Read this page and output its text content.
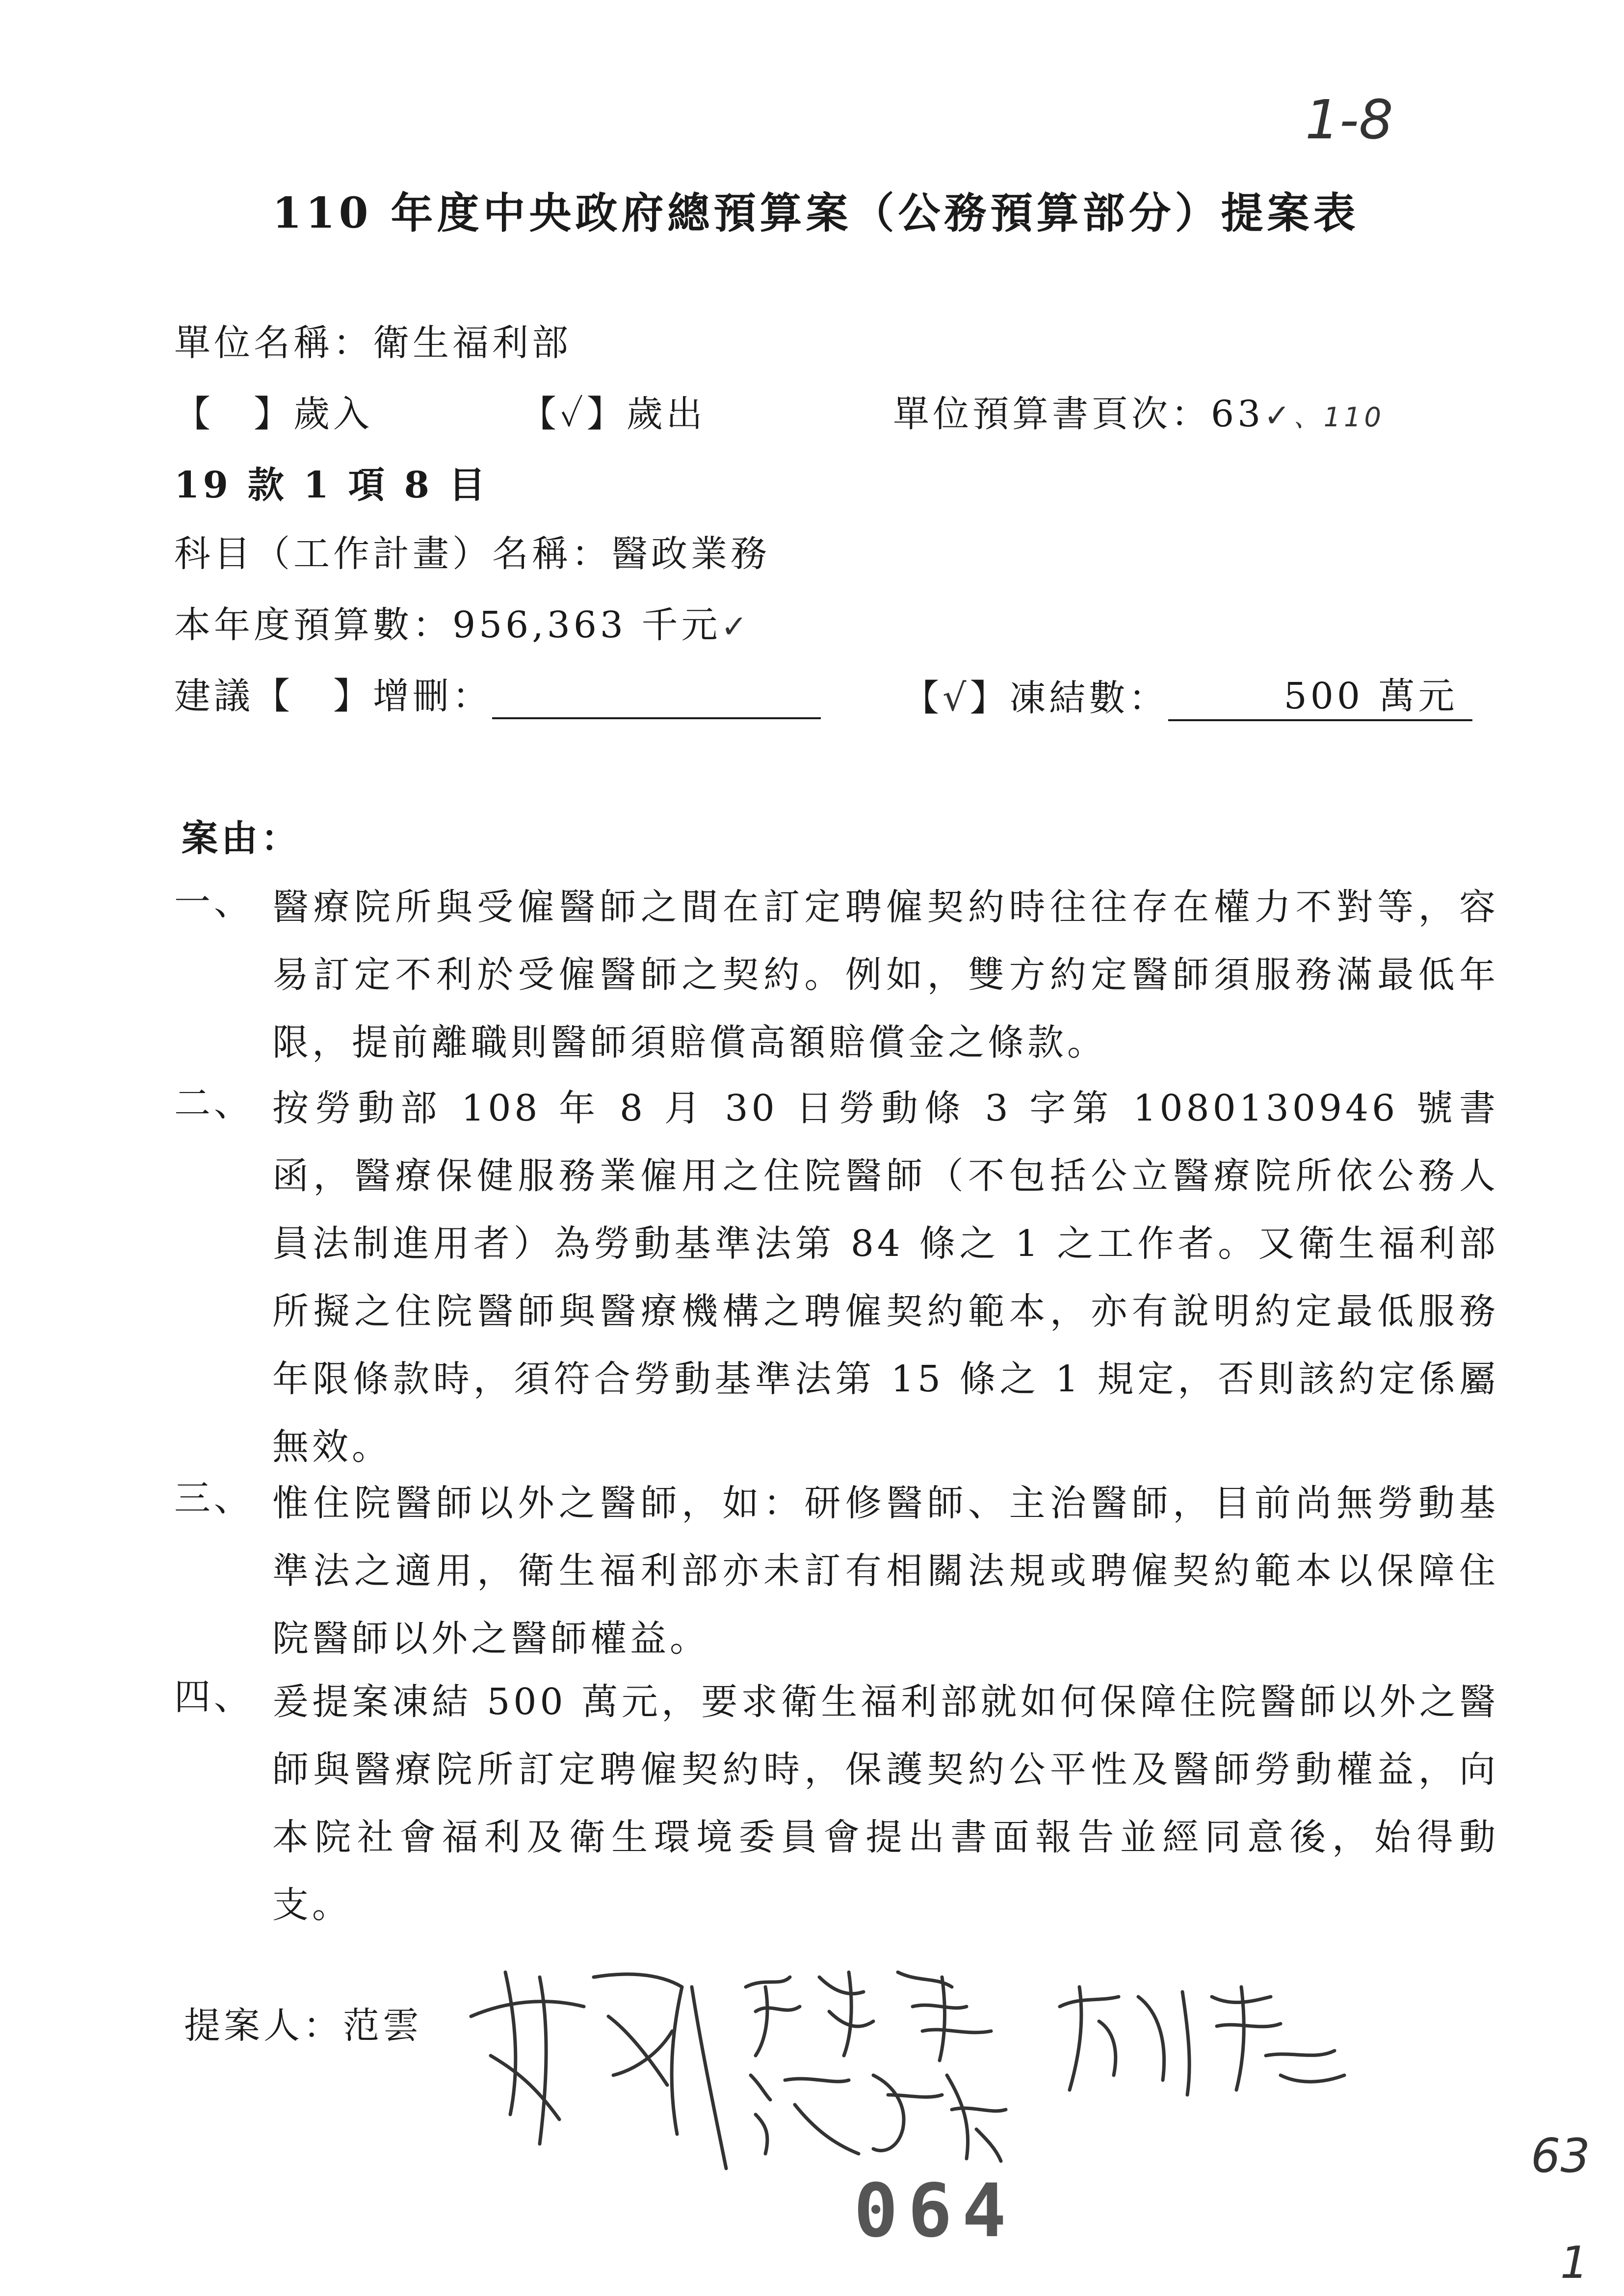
1-8
63
1
110 年度中央政府總預算案（公務預算部分）提案表
單位名稱：衛生福利部
【　】歲入	【✓】歲出	單位預算書頁次：63✓、110
19 款 1 項 8 目
科目（工作計畫）名稱：醫政業務
本年度預算數：956,363 千元✓
建議【　】增刪：	【√】凍結數：	500 萬元
案由：
一、 醫療院所與受僱醫師之間在訂定聘僱契約時往往存在權力不對等，容易訂定不利於受僱醫師之契約。例如，雙方約定醫師須服務滿最低年限，提前離職則醫師須賠償高額賠償金之條款。
二、 按勞動部 108 年 8 月 30 日勞動條 3 字第 1080130946 號書函，醫療保健服務業僱用之住院醫師（不包括公立醫療院所依公務人員法制進用者）為勞動基準法第 84 條之 1 之工作者。又衛生福利部所擬之住院醫師與醫療機構之聘僱契約範本，亦有說明約定最低服務年限條款時，須符合勞動基準法第 15 條之 1 規定，否則該約定係屬無效。
三、 惟住院醫師以外之醫師，如：研修醫師、主治醫師，目前尚無勞動基準法之適用，衛生福利部亦未訂有相關法規或聘僱契約範本以保障住院醫師以外之醫師權益。
四、 爰提案凍結 500 萬元，要求衛生福利部就如何保障住院醫師以外之醫師與醫療院所訂定聘僱契約時，保護契約公平性及醫師勞動權益，向本院社會福利及衛生環境委員會提出書面報告並經同意後，始得動支。
提案人：范雲
064
